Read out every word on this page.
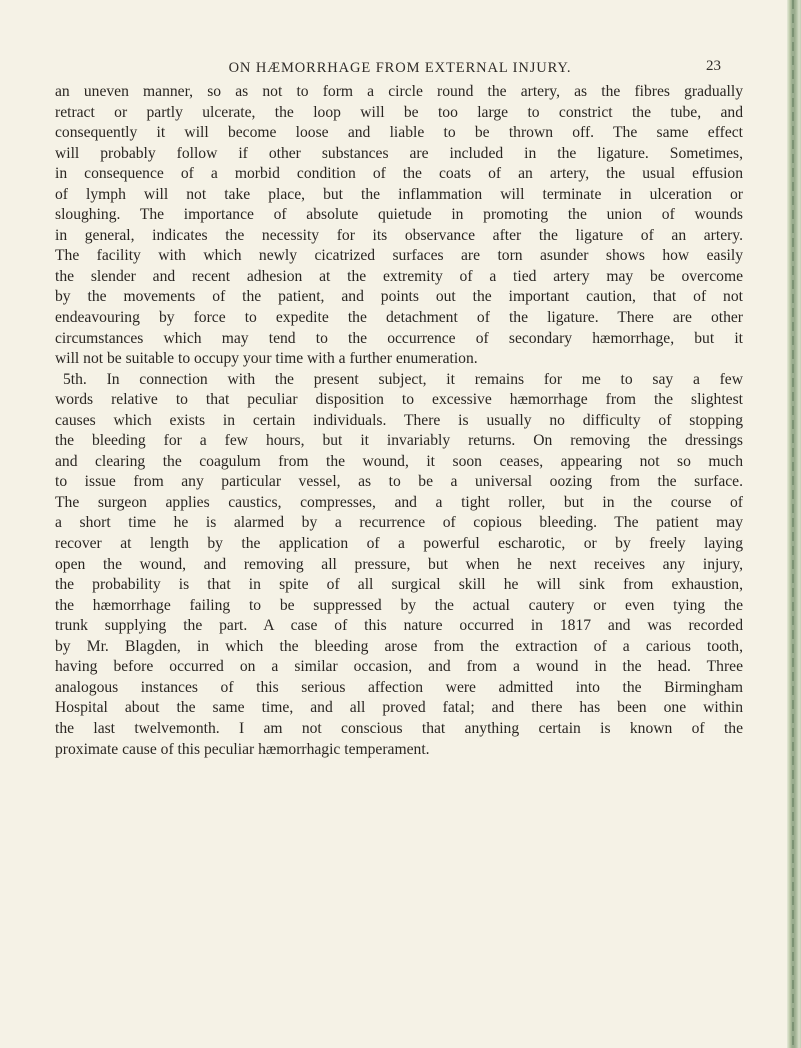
ON HÆMORRHAGE FROM EXTERNAL INJURY.	23
an uneven manner, so as not to form a circle round the artery, as the fibres gradually
retract or partly ulcerate, the loop will be too large to constrict the tube, and
consequently it will become loose and liable to be thrown off. The same effect
will probably follow if other substances are included in the ligature. Sometimes,
in consequence of a morbid condition of the coats of an artery, the usual effusion
of lymph will not take place, but the inflammation will terminate in ulceration or
sloughing. The importance of absolute quietude in promoting the union of wounds
in general, indicates the necessity for its observance after the ligature of an artery.
The facility with which newly cicatrized surfaces are torn asunder shows how easily
the slender and recent adhesion at the extremity of a tied artery may be overcome
by the movements of the patient, and points out the important caution, that of not
endeavouring by force to expedite the detachment of the ligature. There are other
circumstances which may tend to the occurrence of secondary hæmorrhage, but it
will not be suitable to occupy your time with a further enumeration.
5th. In connection with the present subject, it remains for me to say a few
words relative to that peculiar disposition to excessive hæmorrhage from the slightest
causes which exists in certain individuals. There is usually no difficulty of stopping
the bleeding for a few hours, but it invariably returns. On removing the dressings
and clearing the coagulum from the wound, it soon ceases, appearing not so much
to issue from any particular vessel, as to be a universal oozing from the surface.
The surgeon applies caustics, compresses, and a tight roller, but in the course of
a short time he is alarmed by a recurrence of copious bleeding. The patient may
recover at length by the application of a powerful escharotic, or by freely laying
open the wound, and removing all pressure, but when he next receives any injury,
the probability is that in spite of all surgical skill he will sink from exhaustion,
the hæmorrhage failing to be suppressed by the actual cautery or even tying the
trunk supplying the part. A case of this nature occurred in 1817 and was recorded
by Mr. Blagden, in which the bleeding arose from the extraction of a carious tooth,
having before occurred on a similar occasion, and from a wound in the head. Three
analogous instances of this serious affection were admitted into the Birmingham
Hospital about the same time, and all proved fatal; and there has been one within
the last twelvemonth. I am not conscious that anything certain is known of the
proximate cause of this peculiar hæmorrhagic temperament.
